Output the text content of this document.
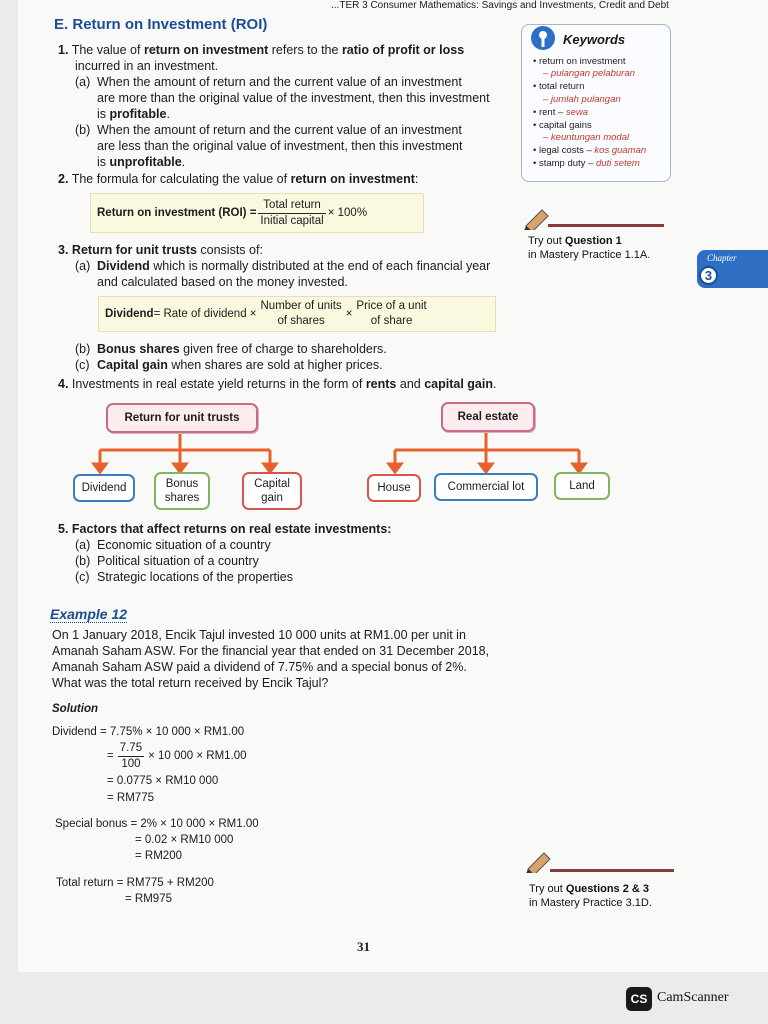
...TER 3 Consumer Mathematics: Savings and Investments, Credit and Debt
E. Return on Investment (ROI)
1. The value of return on investment refers to the ratio of profit or loss
incurred in an investment.
(a) When the amount of return and the current value of an investment
are more than the original value of the investment, then this investment
is profitable.
(b) When the amount of return and the current value of an investment
are less than the original value of investment, then this investment
is unprofitable.
2. The formula for calculating the value of return on investment:
Return on investment $(ROI) = \frac{\text{Total return}}{\text{Initial capital}} \times 100\%$
3. Return for unit trusts consists of:
(a) Dividend which is normally distributed at the end of each financial year
and calculated based on the money invested.
Dividend = Rate of dividend ×
Number of units
of shares
×
Price of a unit
of share
(b) Bonus shares given free of charge to shareholders.
(c) Capital gain when shares are sold at higher prices.
4. Investments in real estate yield returns in the form of rents and capital gain.
Return for unit trusts
Dividend	Bonus shares
Capital gain
Real estate
House	Commercial lot	Land
5. Factors that affect returns on real estate investments:
(a) Economic situation of a country
(b) Political situation of a country
(c) Strategic locations of the properties
Example 12
On 1 January 2018, Encik Tajul invested 10 000 units at RM1.00 per unit in
Amanah Saham ASW. For the financial year that ended on 31 December 2018,
Amanah Saham ASW paid a dividend of 7.75% and a special bonus of 2%.
What was the total return received by Encik Tajul?
Solution
Dividend = 7.75% × 10 000 × RM1.00
= $\frac{7.75}{100} \times 10$ 000 × RM1.00
= 0.0775 × RM10 000
= RM775
Special bonus = 2% × 10 000 × RM1.00
= 0.02 × RM10 000
= RM200
Total return = RM775 + RM200
= RM975
Keywords
• return on investment
– pulangan pelaburan
• total return
– jumlah pulangan
• rent – sewa
• capital gains
– keuntungan modal
• legal costs – kos guaman
• stamp duty – duti setem
Try out Question 1
in Mastery Practice 1.1A.	Chapter
3
Try out Questions 2 & 3
in Mastery Practice 3.1D.
31
CS CamScanner
